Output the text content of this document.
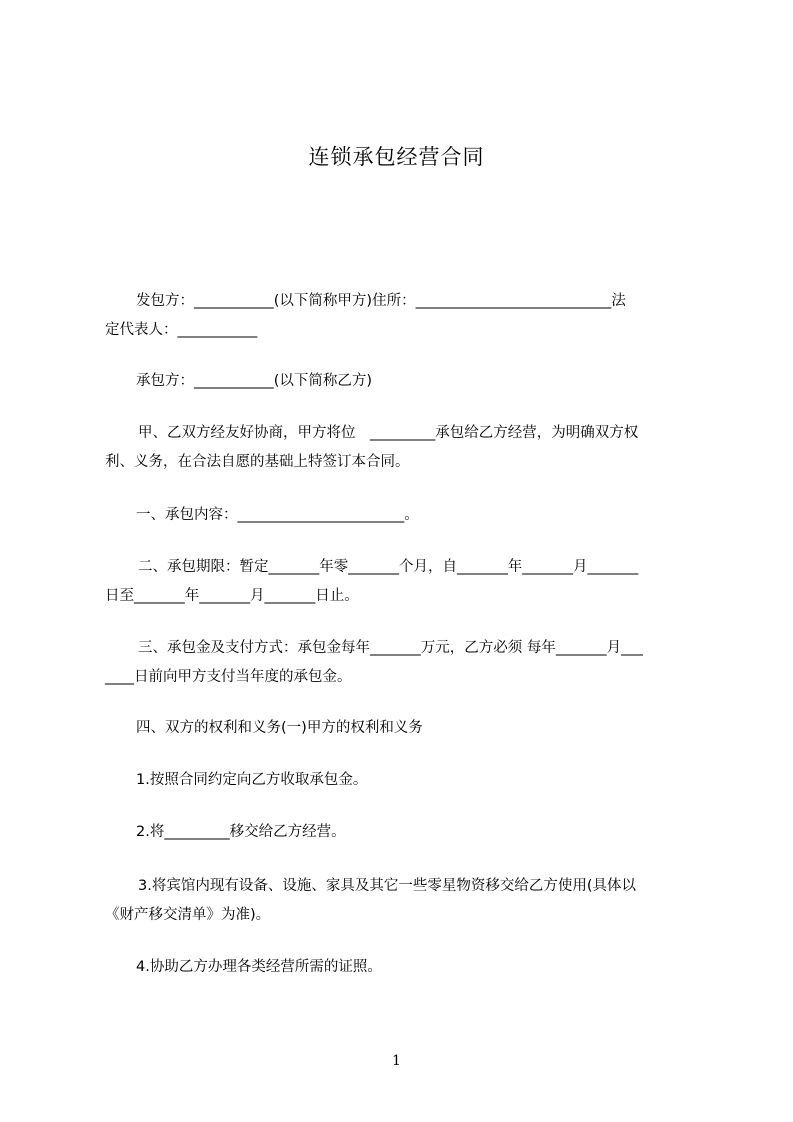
连锁承包经营合同
发包方：___________(以下简称甲方)住所：___________________________法
定代表人：___________
承包方：___________(以下简称乙方)
甲、乙双方经友好协商，甲方将位　_________承包给乙方经营，为明确双方权
利、义务，在合法自愿的基础上特签订本合同。
一、承包内容：_______________________。
二、承包期限：暂定_______年零_______个月，自_______年_______月_______
日至_______年_______月_______日止。
三、承包金及支付方式：承包金每年_______万元，乙方必须 每年_______月___
____日前向甲方支付当年度的承包金。
四、双方的权利和义务(一)甲方的权利和义务
1.按照合同约定向乙方收取承包金。
2.将_________移交给乙方经营。
3.将宾馆内现有设备、设施、家具及其它一些零星物资移交给乙方使用(具体以
《财产移交清单》为准)。
4.协助乙方办理各类经营所需的证照。
1
